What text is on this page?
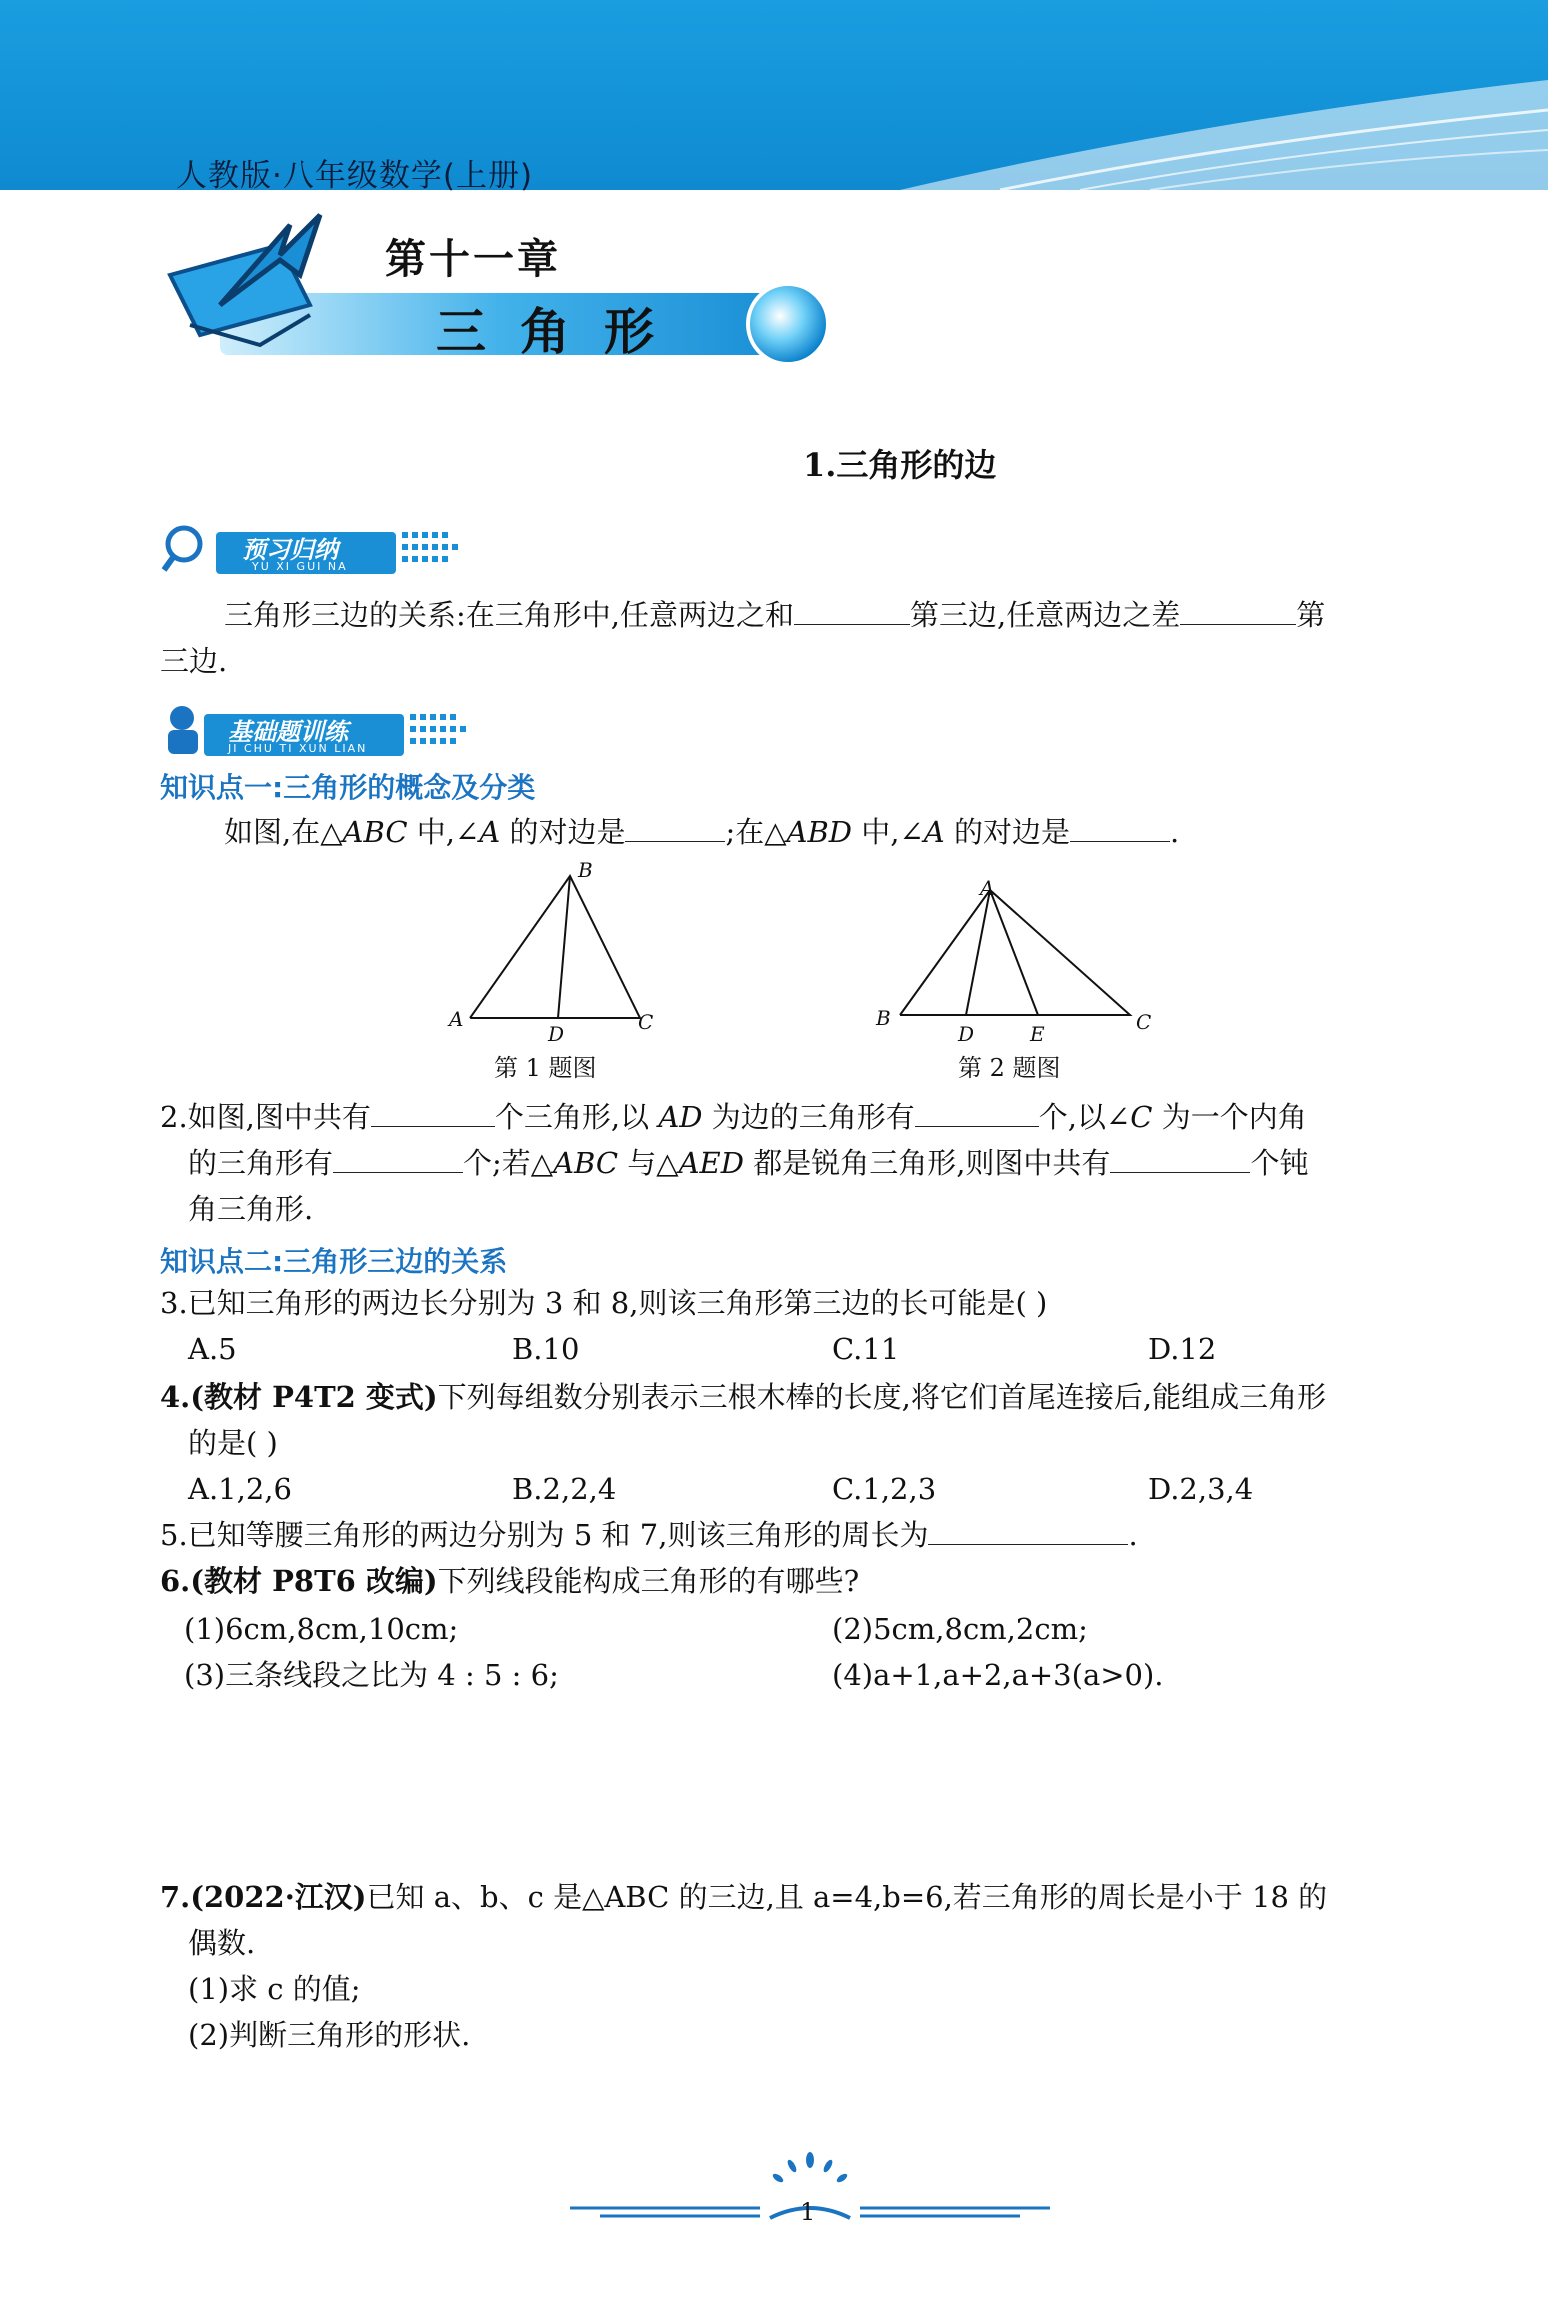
人教版·八年级数学(上册)
第十一章
三角形
1.三角形的边
预习归纳
YU XI GUI NA
三角形三边的关系:在三角形中,任意两边之和	第三边,任意两边之差	第
三边.
基础题训练
JI CHU TI XUN LIAN
知识点一:三角形的概念及分类
如图,在△ABC 中,∠A 的对边是	;在△ABD 中,∠A 的对边是	.
A
B
C
D
第 1 题图
A
B	C
D	E
第 2 题图
2.如图,图中共有	个三角形,以 AD 为边的三角形有	个,以∠C 为一个内角
的三角形有	个;若△ABC 与△AED 都是锐角三角形,则图中共有	个钝
角三角形.
知识点二:三角形三边的关系
3.已知三角形的两边长分别为 3 和 8,则该三角形第三边的长可能是( )
A.5	B.10	C.11	D.12
4.(教材 P4T2 变式)下列每组数分别表示三根木棒的长度,将它们首尾连接后,能组成三角形
的是( )
A.1,2,6	B.2,2,4	C.1,2,3	D.2,3,4
5.已知等腰三角形的两边分别为 5 和 7,则该三角形的周长为	.
6.(教材 P8T6 改编)下列线段能构成三角形的有哪些?
(1)6cm,8cm,10cm;	(2)5cm,8cm,2cm;
(3)三条线段之比为 4 : 5 : 6;	(4)a+1,a+2,a+3(a>0).
7.(2022·江汉)已知 a、b、c 是△ABC 的三边,且 a=4,b=6,若三角形的周长是小于 18 的
偶数.
(1)求 c 的值;
(2)判断三角形的形状.
1
